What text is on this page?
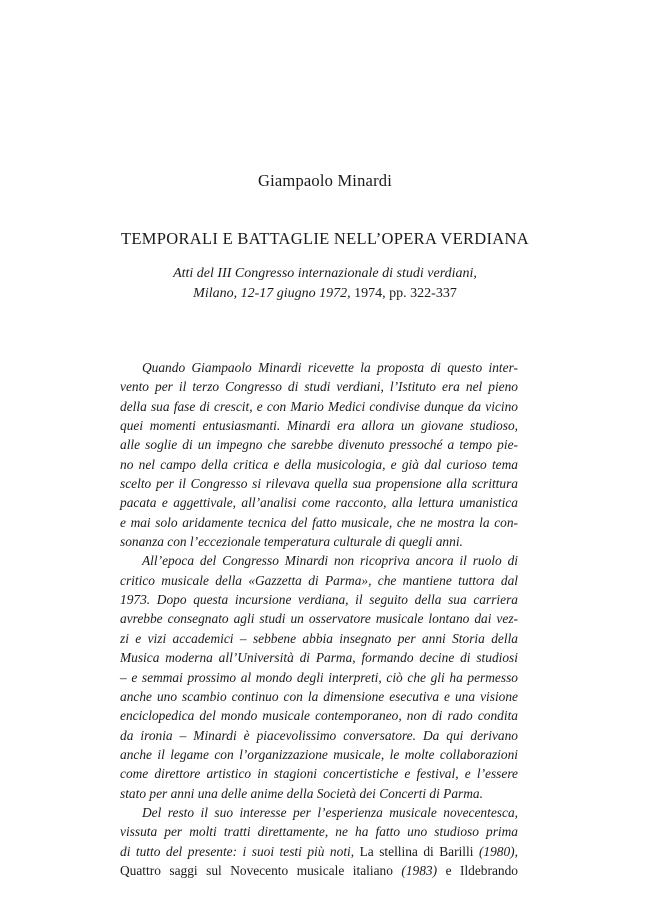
Giampaolo Minardi
TEMPORALI E BATTAGLIE NELL’OPERA VERDIANA
Atti del III Congresso internazionale di studi verdiani,
Milano, 12-17 giugno 1972, 1974, pp. 322-337

Quando Giampaolo Minardi ricevette la proposta di questo inter-
vento per il terzo Congresso di studi verdiani, l’Istituto era nel pieno
della sua fase di crescit, e con Mario Medici condivise dunque da vicino
quei momenti entusiasmanti. Minardi era allora un giovane studioso,
alle soglie di un impegno che sarebbe divenuto pressoché a tempo pie-
no nel campo della critica e della musicologia, e già dal curioso tema
scelto per il Congresso si rilevava quella sua propensione alla scrittura
pacata e aggettivale, all’analisi come racconto, alla lettura umanistica
e mai solo aridamente tecnica del fatto musicale, che ne mostra la con-
sonanza con l’eccezionale temperatura culturale di quegli anni.

All’epoca del Congresso Minardi non ricopriva ancora il ruolo di
critico musicale della «Gazzetta di Parma», che mantiene tuttora dal
1973. Dopo questa incursione verdiana, il seguito della sua carriera
avrebbe consegnato agli studi un osservatore musicale lontano dai vez-
zi e vizi accademici – sebbene abbia insegnato per anni Storia della
Musica moderna all’Università di Parma, formando decine di studiosi
– e semmai prossimo al mondo degli interpreti, ciò che gli ha permesso
anche uno scambio continuo con la dimensione esecutiva e una visione
enciclopedica del mondo musicale contemporaneo, non di rado condita
da ironia – Minardi è piacevolissimo conversatore. Da qui derivano
anche il legame con l’organizzazione musicale, le molte collaborazioni
come direttore artistico in stagioni concertistiche e festival, e l’essere
stato per anni una delle anime della Società dei Concerti di Parma.

Del resto il suo interesse per l’esperienza musicale novecentesca,
vissuta per molti tratti direttamente, ne ha fatto uno studioso prima
di tutto del presente: i suoi testi più noti, La stellina di Barilli (1980),
Quattro saggi sul Novecento musicale italiano (1983) e Ildebrando
